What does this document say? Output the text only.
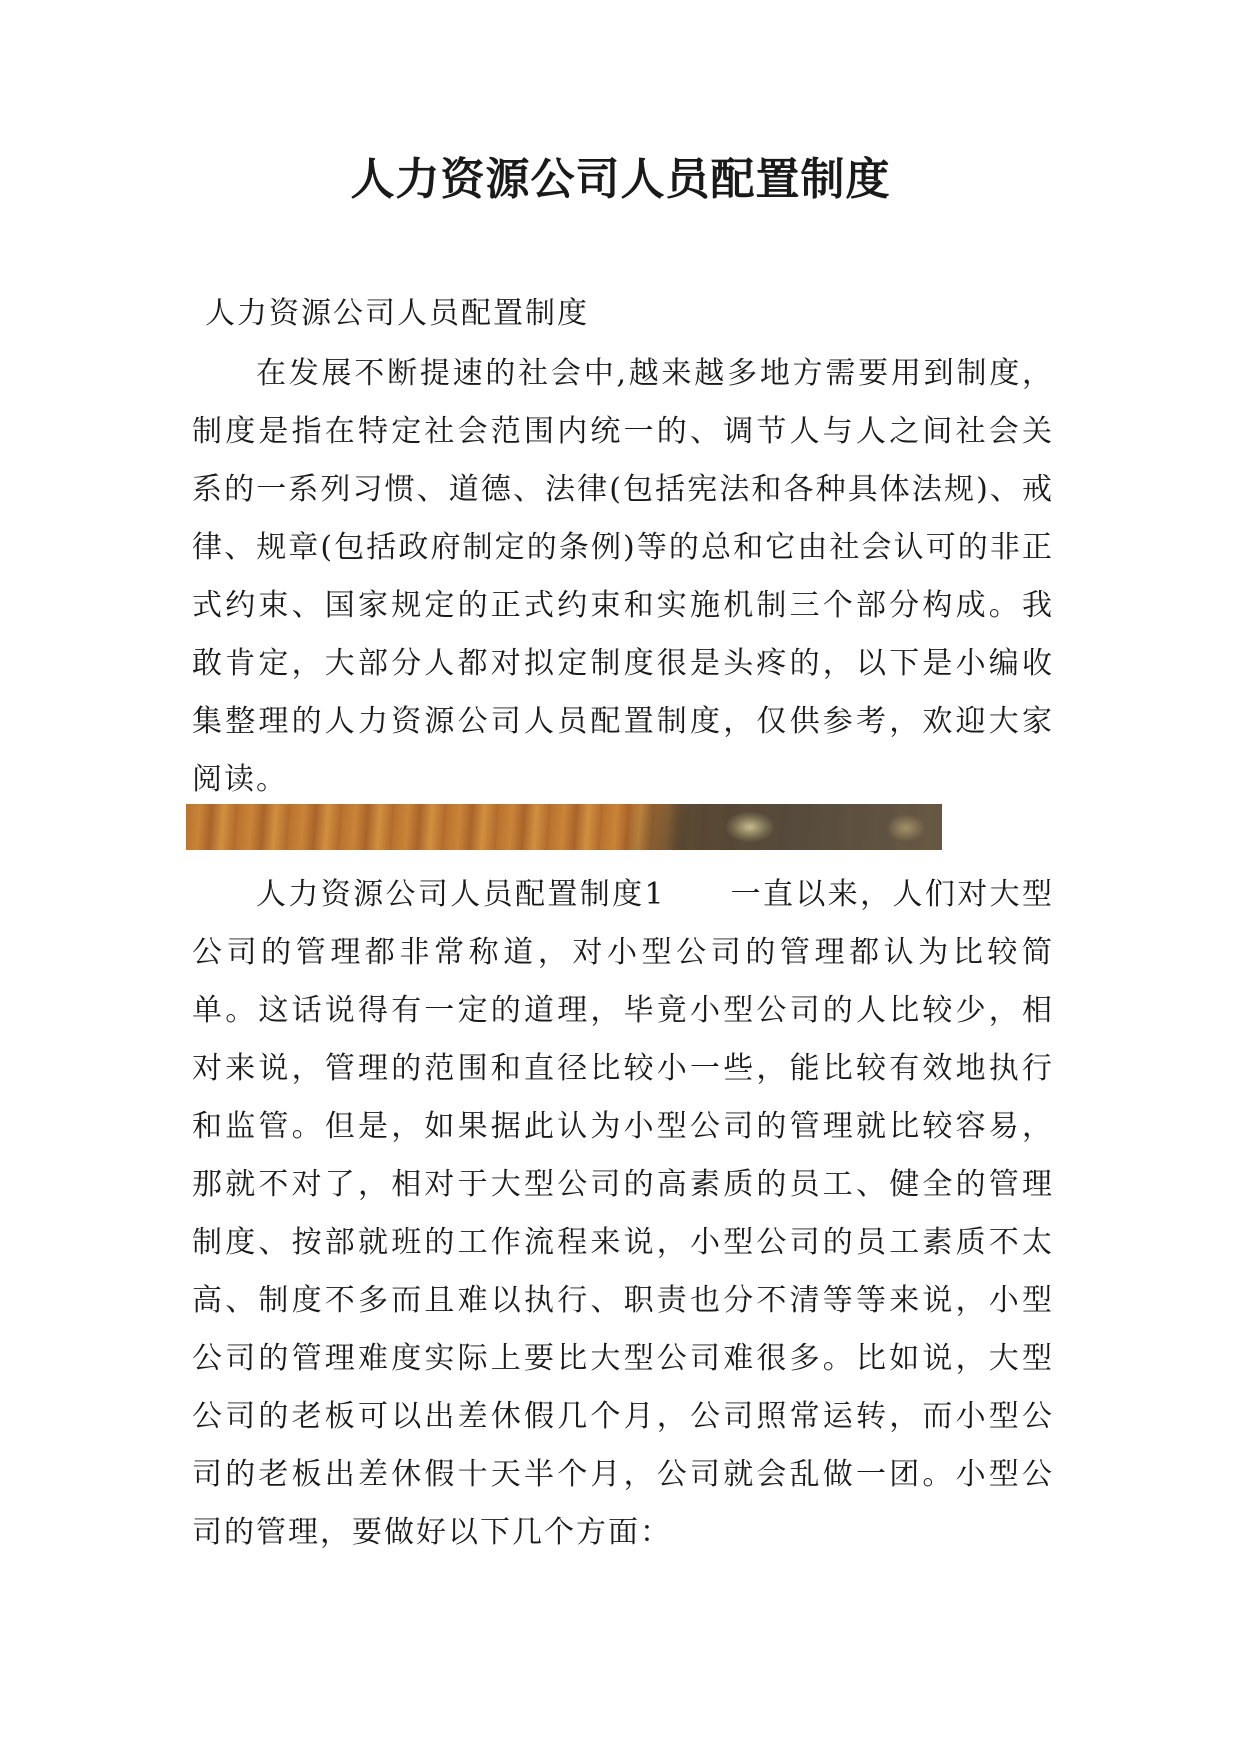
人力资源公司人员配置制度

人力资源公司人员配置制度

在发展不断提速的社会中,越来越多地方需要用到制度，制度是指在特定社会范围内统一的、调节人与人之间社会关系的一系列习惯、道德、法律(包括宪法和各种具体法规)、戒律、规章(包括政府制定的条例)等的总和它由社会认可的非正式约束、国家规定的正式约束和实施机制三个部分构成。我敢肯定，大部分人都对拟定制度很是头疼的，以下是小编收集整理的人力资源公司人员配置制度，仅供参考，欢迎大家阅读。

人力资源公司人员配置制度1　　一直以来，人们对大型公司的管理都非常称道，对小型公司的管理都认为比较简单。这话说得有一定的道理，毕竟小型公司的人比较少，相对来说，管理的范围和直径比较小一些，能比较有效地执行和监管。但是，如果据此认为小型公司的管理就比较容易，那就不对了，相对于大型公司的高素质的员工、健全的管理制度、按部就班的工作流程来说，小型公司的员工素质不太高、制度不多而且难以执行、职责也分不清等等来说，小型公司的管理难度实际上要比大型公司难很多。比如说，大型公司的老板可以出差休假几个月，公司照常运转，而小型公司的老板出差休假十天半个月，公司就会乱做一团。小型公司的管理，要做好以下几个方面：
